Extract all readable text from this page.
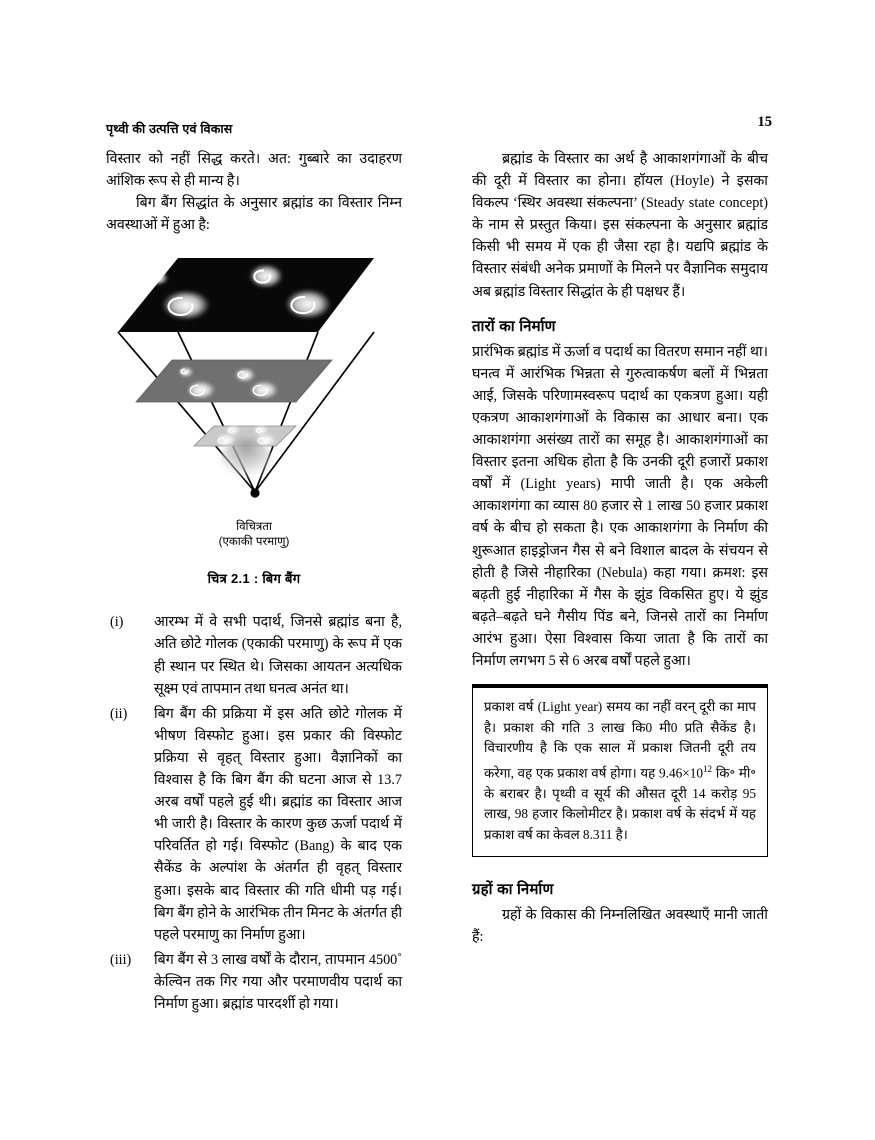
पृथ्वी की उत्पत्ति एवं विकास	15

विस्तार को नहीं सिद्ध करते। अत: गुब्बारे का उदाहरण आंशिक रूप से ही मान्य है।

बिग बैंग सिद्धांत के अनुसार ब्रह्मांड का विस्तार निम्न अवस्थाओं में हुआ है:

विचित्रता
(एकाकी परमाणु)
चित्र 2.1 : बिग बैंग
(i)	आरम्भ में वे सभी पदार्थ, जिनसे ब्रह्मांड बना है, अति छोटे गोलक (एकाकी परमाणु) के रूप में एक ही स्थान पर स्थित थे। जिसका आयतन अत्यधिक सूक्ष्म एवं तापमान तथा घनत्व अनंत था।
(ii)	बिग बैंग की प्रक्रिया में इस अति छोटे गोलक में भीषण विस्फोट हुआ। इस प्रकार की विस्फोट प्रक्रिया से वृहत् विस्तार हुआ। वैज्ञानिकों का विश्वास है कि बिग बैंग की घटना आज से 13.7 अरब वर्षों पहले हुई थी। ब्रह्मांड का विस्तार आज भी जारी है। विस्तार के कारण कुछ ऊर्जा पदार्थ में परिवर्तित हो गई। विस्फोट (Bang) के बाद एक सैकेंड के अल्पांश के अंतर्गत ही वृहत् विस्तार हुआ। इसके बाद विस्तार की गति धीमी पड़ गई। बिग बैंग होने के आरंभिक तीन मिनट के अंतर्गत ही पहले परमाणु का निर्माण हुआ।
(iii)	बिग बैंग से 3 लाख वर्षों के दौरान, तापमान 4500˚ केल्विन तक गिर गया और परमाणवीय पदार्थ का निर्माण हुआ। ब्रह्मांड पारदर्शी हो गया।

ब्रह्मांड के विस्तार का अर्थ है आकाशगंगाओं के बीच की दूरी में विस्तार का होना। हॉयल (Hoyle) ने इसका विकल्प ‘स्थिर अवस्था संकल्पना’ (Steady state concept) के नाम से प्रस्तुत किया। इस संकल्पना के अनुसार ब्रह्मांड किसी भी समय में एक ही जैसा रहा है। यद्यपि ब्रह्मांड के विस्तार संबंधी अनेक प्रमाणों के मिलने पर वैज्ञानिक समुदाय अब ब्रह्मांड विस्तार सिद्धांत के ही पक्षधर हैं।

तारों का निर्माण

प्रारंभिक ब्रह्मांड में ऊर्जा व पदार्थ का वितरण समान नहीं था। घनत्व में आरंभिक भिन्नता से गुरुत्वाकर्षण बलों में भिन्नता आई, जिसके परिणामस्वरूप पदार्थ का एकत्रण हुआ। यही एकत्रण आकाशगंगाओं के विकास का आधार बना। एक आकाशगंगा असंख्य तारों का समूह है। आकाशगंगाओं का विस्तार इतना अधिक होता है कि उनकी दूरी हजारों प्रकाश वर्षों में (Light years) मापी जाती है। एक अकेली आकाशगंगा का व्यास 80 हजार से 1 लाख 50 हजार प्रकाश वर्ष के बीच हो सकता है। एक आकाशगंगा के निर्माण की शुरूआत हाइड्रोजन गैस से बने विशाल बादल के संचयन से होती है जिसे नीहारिका (Nebula) कहा गया। क्रमश: इस बढ़ती हुई नीहारिका में गैस के झुंड विकसित हुए। ये झुंड बढ़ते–बढ़ते घने गैसीय पिंड बने, जिनसे तारों का निर्माण आरंभ हुआ। ऐसा विश्वास किया जाता है कि तारों का निर्माण लगभग 5 से 6 अरब वर्षों पहले हुआ।

प्रकाश वर्ष (Light year) समय का नहीं वरन् दूरी का माप है। प्रकाश की गति 3 लाख कि0 मी0 प्रति सैकेंड है। विचारणीय है कि एक साल में प्रकाश जितनी दूरी तय करेगा, वह एक प्रकाश वर्ष होगा। यह $9.46\times 10^{12}$ कि॰ मी॰ के बराबर है। पृथ्वी व सूर्य की औसत दूरी 14 करोड़ 95 लाख, 98 हजार किलोमीटर है। प्रकाश वर्ष के संदर्भ में यह प्रकाश वर्ष का केवल 8.311 है।

ग्रहों का निर्माण

ग्रहों के विकास की निम्नलिखित अवस्थाएँ मानी जाती हैं:
